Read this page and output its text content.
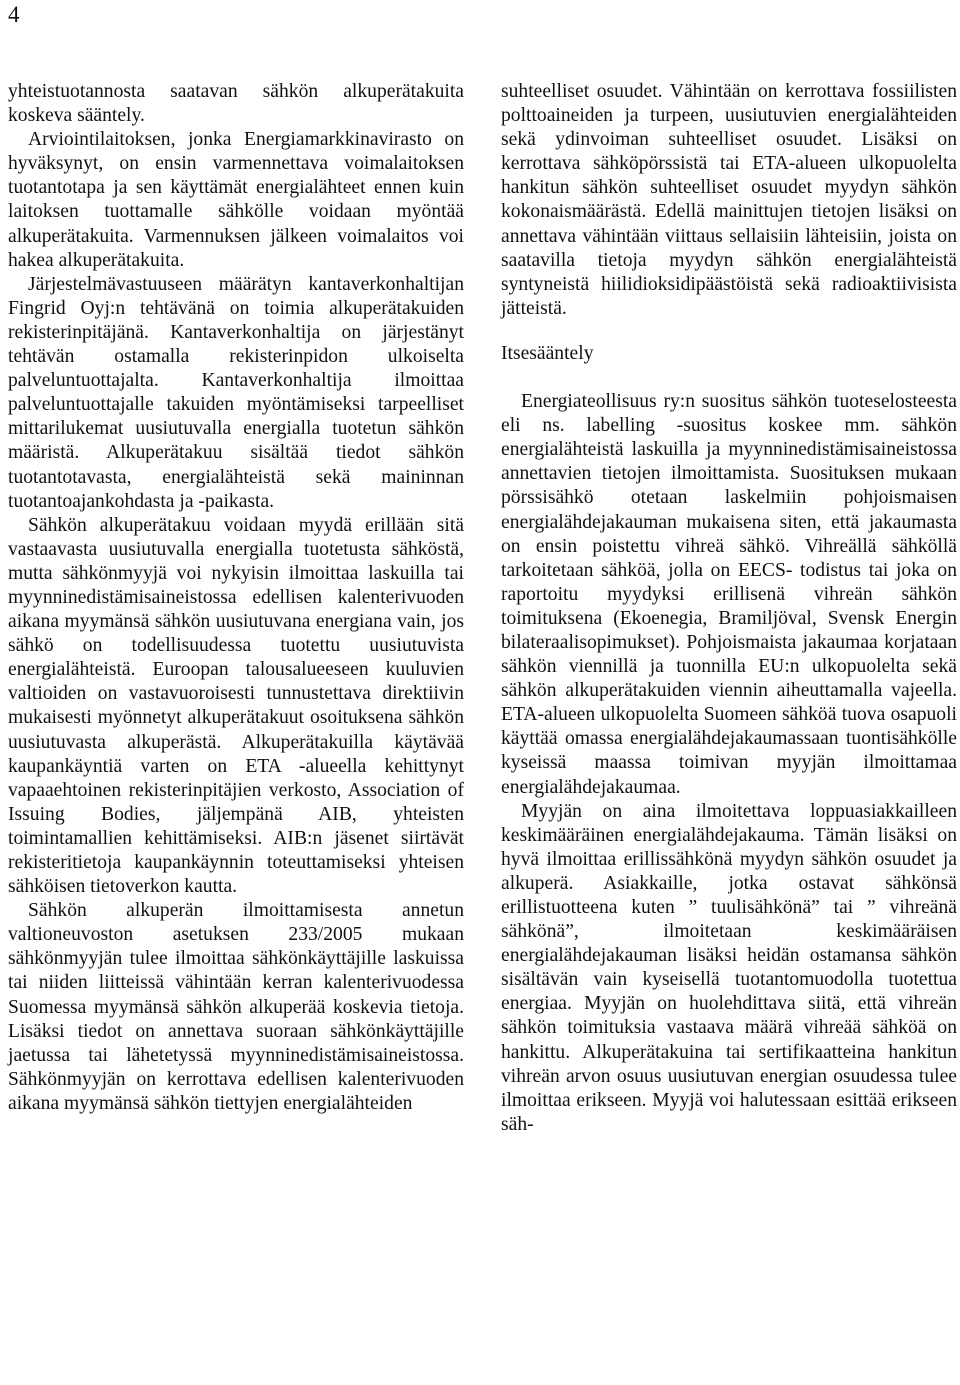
4

yhteistuotannosta saatavan sähkön alkuperätakuita koskeva sääntely.

Arviointilaitoksen, jonka Energiamarkkinavirasto on hyväksynyt, on ensin varmennettava voimalaitoksen tuotantotapa ja sen käyttämät energialähteet ennen kuin laitoksen tuottamalle sähkölle voidaan myöntää alkuperätakuita. Varmennuksen jälkeen voimalaitos voi hakea alkuperätakuita.

Järjestelmävastuuseen määrätyn kantaverkonhaltijan Fingrid Oyj:n tehtävänä on toimia alkuperätakuiden rekisterinpitäjänä. Kantaverkonhaltija on järjestänyt tehtävän ostamalla rekisterinpidon ulkoiselta palveluntuottajalta. Kantaverkonhaltija ilmoittaa palveluntuottajalle takuiden myöntämiseksi tarpeelliset mittarilukemat uusiutuvalla energialla tuotetun sähkön määristä. Alkuperätakuu sisältää tiedot sähkön tuotantotavasta, energialähteistä sekä maininnan tuotantoajankohdasta ja -paikasta.

Sähkön alkuperätakuu voidaan myydä erillään sitä vastaavasta uusiutuvalla energialla tuotetusta sähköstä, mutta sähkönmyyjä voi nykyisin ilmoittaa laskuilla tai myynninedistämisaineistossa edellisen kalenterivuoden aikana myymänsä sähkön uusiutuvana energiana vain, jos sähkö on todellisuudessa tuotettu uusiutuvista energialähteistä. Euroopan talousalueeseen kuuluvien valtioiden on vastavuoroisesti tunnustettava direktiivin mukaisesti myönnetyt alkuperätakuut osoituksena sähkön uusiutuvasta alkuperästä. Alkuperätakuilla käytävää kaupankäyntiä varten on ETA -alueella kehittynyt vapaaehtoinen rekisterinpitäjien verkosto, Association of Issuing Bodies, jäljempänä AIB, yhteisten toimintamallien kehittämiseksi. AIB:n jäsenet siirtävät rekisteritietoja kaupankäynnin toteuttamiseksi yhteisen sähköisen tietoverkon kautta.

Sähkön alkuperän ilmoittamisesta annetun valtioneuvoston asetuksen 233/2005 mukaan sähkönmyyjän tulee ilmoittaa sähkönkäyttäjille laskuissa tai niiden liitteissä vähintään kerran kalenterivuodessa Suomessa myymänsä sähkön alkuperää koskevia tietoja. Lisäksi tiedot on annettava suoraan sähkönkäyttäjille jaetussa tai lähetetyssä myynninedistämisaineistossa. Sähkönmyyjän on kerrottava edellisen kalenterivuoden aikana myymänsä sähkön tiettyjen energialähteiden

suhteelliset osuudet. Vähintään on kerrottava fossiilisten polttoaineiden ja turpeen, uusiutuvien energialähteiden sekä ydinvoiman suhteelliset osuudet. Lisäksi on kerrottava sähköpörssistä tai ETA-alueen ulkopuolelta hankitun sähkön suhteelliset osuudet myydyn sähkön kokonaismäärästä. Edellä mainittujen tietojen lisäksi on annettava vähintään viittaus sellaisiin lähteisiin, joista on saatavilla tietoja myydyn sähkön energialähteistä syntyneistä hiilidioksidipäästöistä sekä radioaktiivisista jätteistä.

Itsesääntely

Energiateollisuus ry:n suositus sähkön tuoteselosteesta eli ns. labelling -suositus koskee mm. sähkön energialähteistä laskuilla ja myynninedistämisaineistossa annettavien tietojen ilmoittamista. Suosituksen mukaan pörssisähkö otetaan laskelmiin pohjoismaisen energialähdejakauman mukaisena siten, että jakaumasta on ensin poistettu vihreä sähkö. Vihreällä sähköllä tarkoitetaan sähköä, jolla on EECS- todistus tai joka on raportoitu myydyksi erillisenä vihreän sähkön toimituksena (Ekoenegia, Bramiljöval, Svensk Energin bilateraalisopimukset). Pohjoismaista jakaumaa korjataan sähkön viennillä ja tuonnilla EU:n ulkopuolelta sekä sähkön alkuperätakuiden viennin aiheuttamalla vajeella. ETA-alueen ulkopuolelta Suomeen sähköä tuova osapuoli käyttää omassa energialähdejakaumassaan tuontisähkölle kyseissä maassa toimivan myyjän ilmoittamaa energialähdejakaumaa.

Myyjän on aina ilmoitettava loppuasiakkailleen keskimääräinen energialähdejakauma. Tämän lisäksi on hyvä ilmoittaa erillissähkönä myydyn sähkön osuudet ja alkuperä. Asiakkaille, jotka ostavat sähkönsä erillistuotteena kuten ” tuulisähkönä” tai ” vihreänä sähkönä”, ilmoitetaan keskimääräisen energialähdejakauman lisäksi heidän ostamansa sähkön sisältävän vain kyseisellä tuotantomuodolla tuotettua energiaa. Myyjän on huolehdittava siitä, että vihreän sähkön toimituksia vastaava määrä vihreää sähköä on hankittu. Alkuperätakuina tai sertifikaatteina hankitun vihreän arvon osuus uusiutuvan energian osuudessa tulee ilmoittaa erikseen. Myyjä voi halutessaan esittää erikseen säh-
